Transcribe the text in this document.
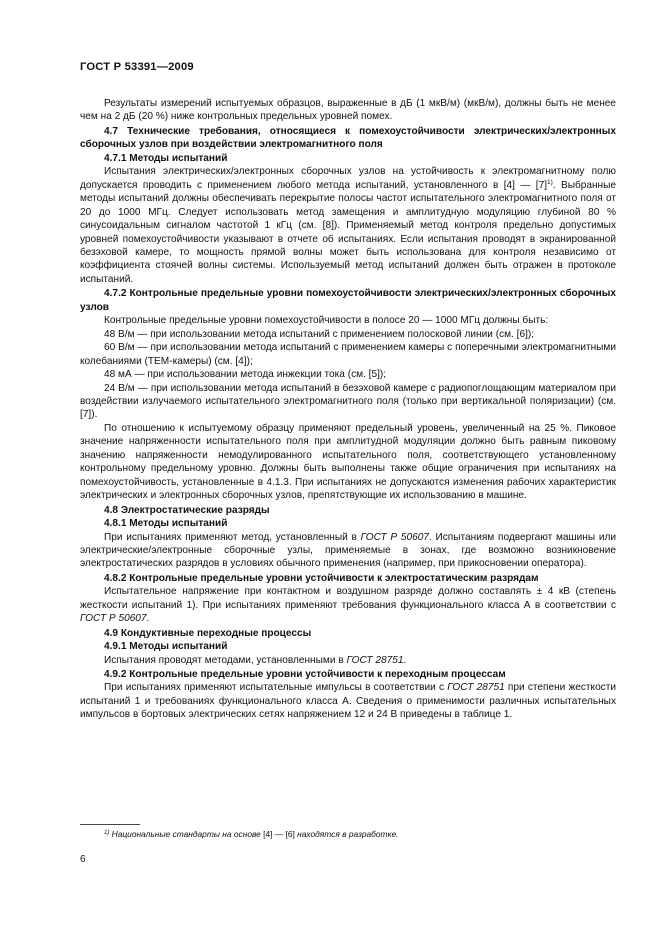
ГОСТ Р 53391—2009

Результаты измерений испытуемых образцов, выраженные в дБ (1 мкВ/м) (мкВ/м), должны быть не менее чем на 2 дБ (20 %) ниже контрольных предельных уровней помех.

4.7 Технические требования, относящиеся к помехоустойчивости электрических/электронных сборочных узлов при воздействии электромагнитного поля

4.7.1 Методы испытаний

Испытания электрических/электронных сборочных узлов на устойчивость к электромагнитному полю допускается проводить с применением любого метода испытаний, установленного в [4] — $[7]^{1)}$. Выбранные методы испытаний должны обеспечивать перекрытие полосы частот испытательного электромагнитного поля от 20 до 1000 МГц. Следует использовать метод замещения и амплитудную модуляцию глубиной 80 % синусоидальным сигналом частотой 1 кГц (см. [8]). Применяемый метод контроля предельно допустимых уровней помехоустойчивости указывают в отчете об испытаниях. Если испытания проводят в экранированной безэховой камере, то мощность прямой волны может быть использована для контроля независимо от коэффициента стоячей волны системы. Используемый метод испытаний должен быть отражен в протоколе испытаний.

4.7.2 Контрольные предельные уровни помехоустойчивости электрических/электронных сборочных узлов

Контрольные предельные уровни помехоустойчивости в полосе 20 — 1000 МГц должны быть:

48 В/м — при использовании метода испытаний с применением полосковой линии (см. [6]);

60 В/м — при использовании метода испытаний с применением камеры с поперечными электромагнитными колебаниями (ТЕМ-камеры) (см. [4]);

48 мА — при использовании метода инжекции тока (см. [5]);

24 В/м — при использовании метода испытаний в безэховой камере с радиопоглощающим материалом при воздействии излучаемого испытательного электромагнитного поля (только при вертикальной поляризации) (см. [7]).

По отношению к испытуемому образцу применяют предельный уровень, увеличенный на 25 %. Пиковое значение напряженности испытательного поля при амплитудной модуляции должно быть равным пиковому значению напряженности немодулированного испытательного поля, соответствующего установленному контрольному предельному уровню. Должны быть выполнены также общие ограничения при испытаниях на помехоустойчивость, установленные в 4.1.3. При испытаниях не допускаются изменения рабочих характеристик электрических и электронных сборочных узлов, препятствующие их использованию в машине.

4.8 Электростатические разряды

4.8.1 Методы испытаний

При испытаниях применяют метод, установленный в ГОСТ Р 50607. Испытаниям подвергают машины или электрические/электронные сборочные узлы, применяемые в зонах, где возможно возникновение электростатических разрядов в условиях обычного применения (например, при прикосновении оператора).

4.8.2 Контрольные предельные уровни устойчивости к электростатическим разрядам

Испытательное напряжение при контактном и воздушном разряде должно составлять ± 4 кВ (степень жесткости испытаний 1). При испытаниях применяют требования функционального класса А в соответствии с ГОСТ Р 50607.

4.9 Кондуктивные переходные процессы

4.9.1 Методы испытаний

Испытания проводят методами, установленными в ГОСТ 28751.

4.9.2 Контрольные предельные уровни устойчивости к переходным процессам

При испытаниях применяют испытательные импульсы в соответствии с ГОСТ 28751 при степени жесткости испытаний 1 и требованиях функционального класса А. Сведения о применимости различных испытательных импульсов в бортовых электрических сетях напряжением 12 и 24 В приведены в таблице 1.

$^{1)}$ Национальные стандарты на основе [4] — [6] находятся в разработке.
6
